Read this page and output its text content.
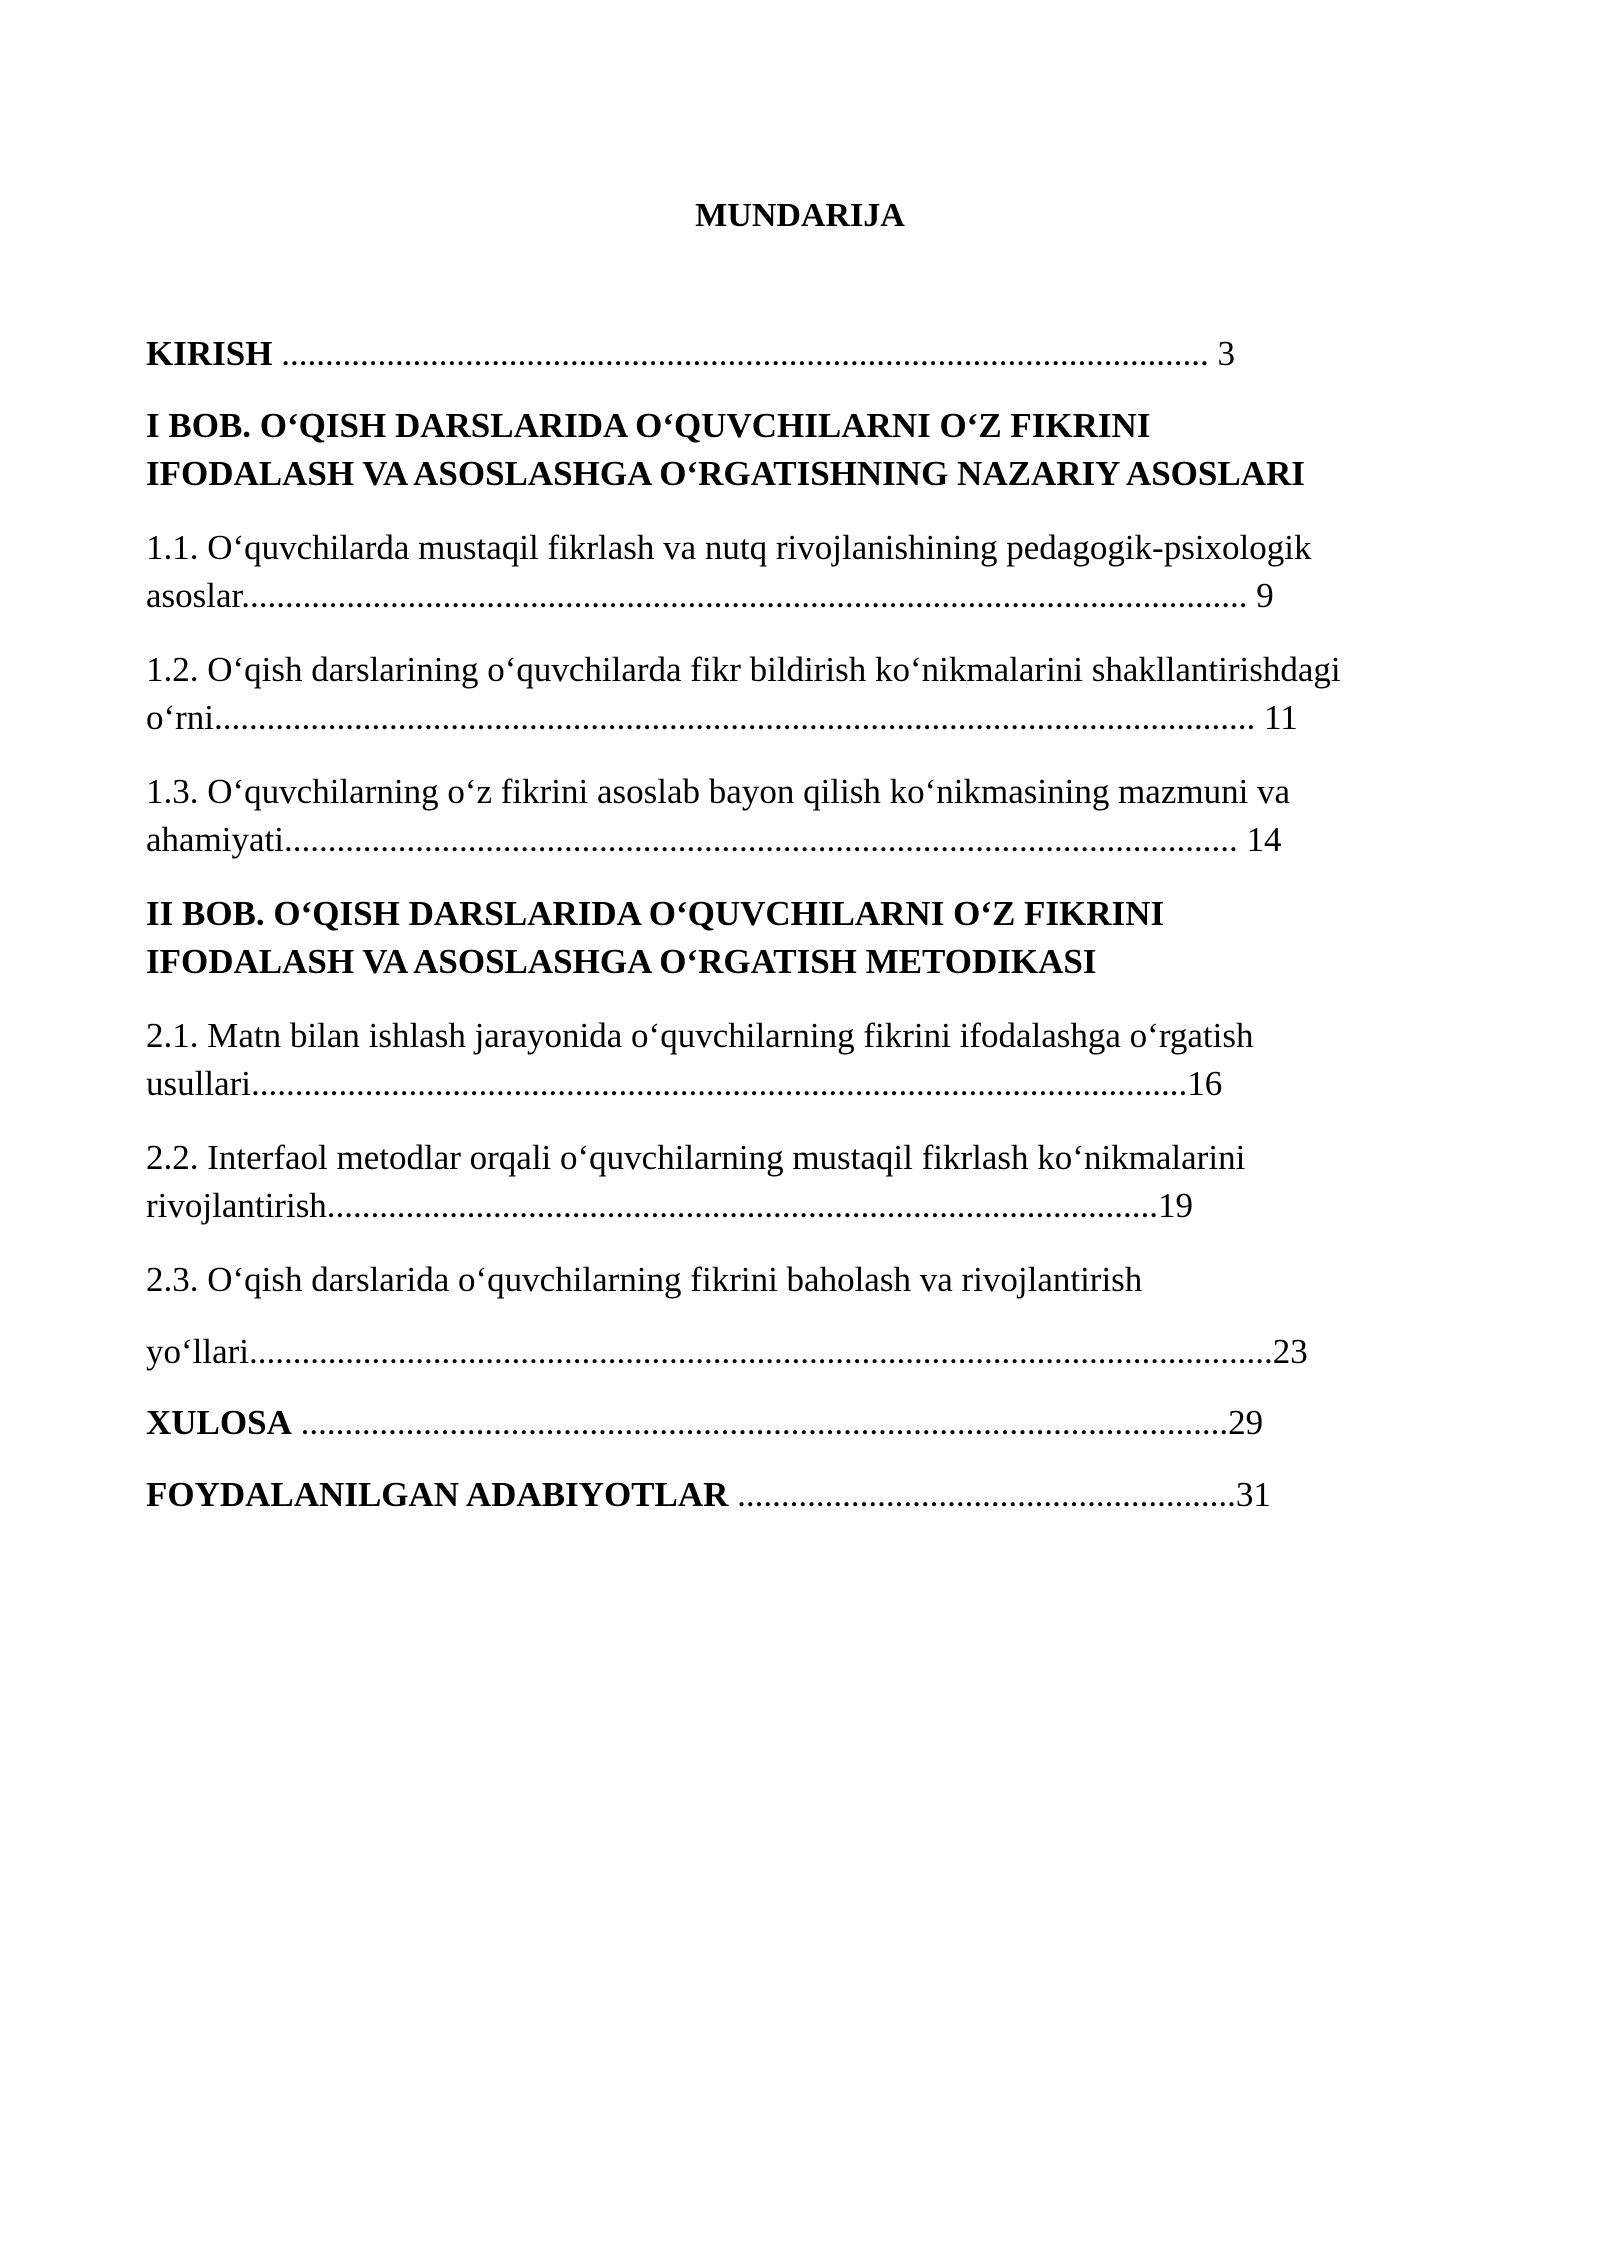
MUNDARIJA
KIRISH .......................................................................................................... 3
I BOB. O‘QISH DARSLARIDA O‘QUVCHILARNI O‘Z FIKRINI
IFODALASH VA ASOSLASHGA O‘RGATISHNING NAZARIY ASOSLARI
1.1. O‘quvchilarda mustaqil fikrlash va nutq rivojlanishining pedagogik-psixologik
asoslar................................................................................................................... 9
1.2. O‘qish darslarining o‘quvchilarda fikr bildirish ko‘nikmalarini shakllantirishdagi
o‘rni....................................................................................................................... 11
1.3. O‘quvchilarning o‘z fikrini asoslab bayon qilish ko‘nikmasining mazmuni va
ahamiyati............................................................................................................. 14
II BOB. O‘QISH DARSLARIDA O‘QUVCHILARNI O‘Z FIKRINI
IFODALASH VA ASOSLASHGA O‘RGATISH METODIKASI
2.1. Matn bilan ishlash jarayonida o‘quvchilarning fikrini ifodalashga o‘rgatish
usullari...........................................................................................................16
2.2. Interfaol metodlar orqali o‘quvchilarning mustaqil fikrlash ko‘nikmalarini
rivojlantirish...............................................................................................19
2.3. O‘qish darslarida o‘quvchilarning fikrini baholash va rivojlantirish
yo‘llari.....................................................................................................................23
XULOSA ..........................................................................................................29
FOYDALANILGAN ADABIYOTLAR .........................................................31
